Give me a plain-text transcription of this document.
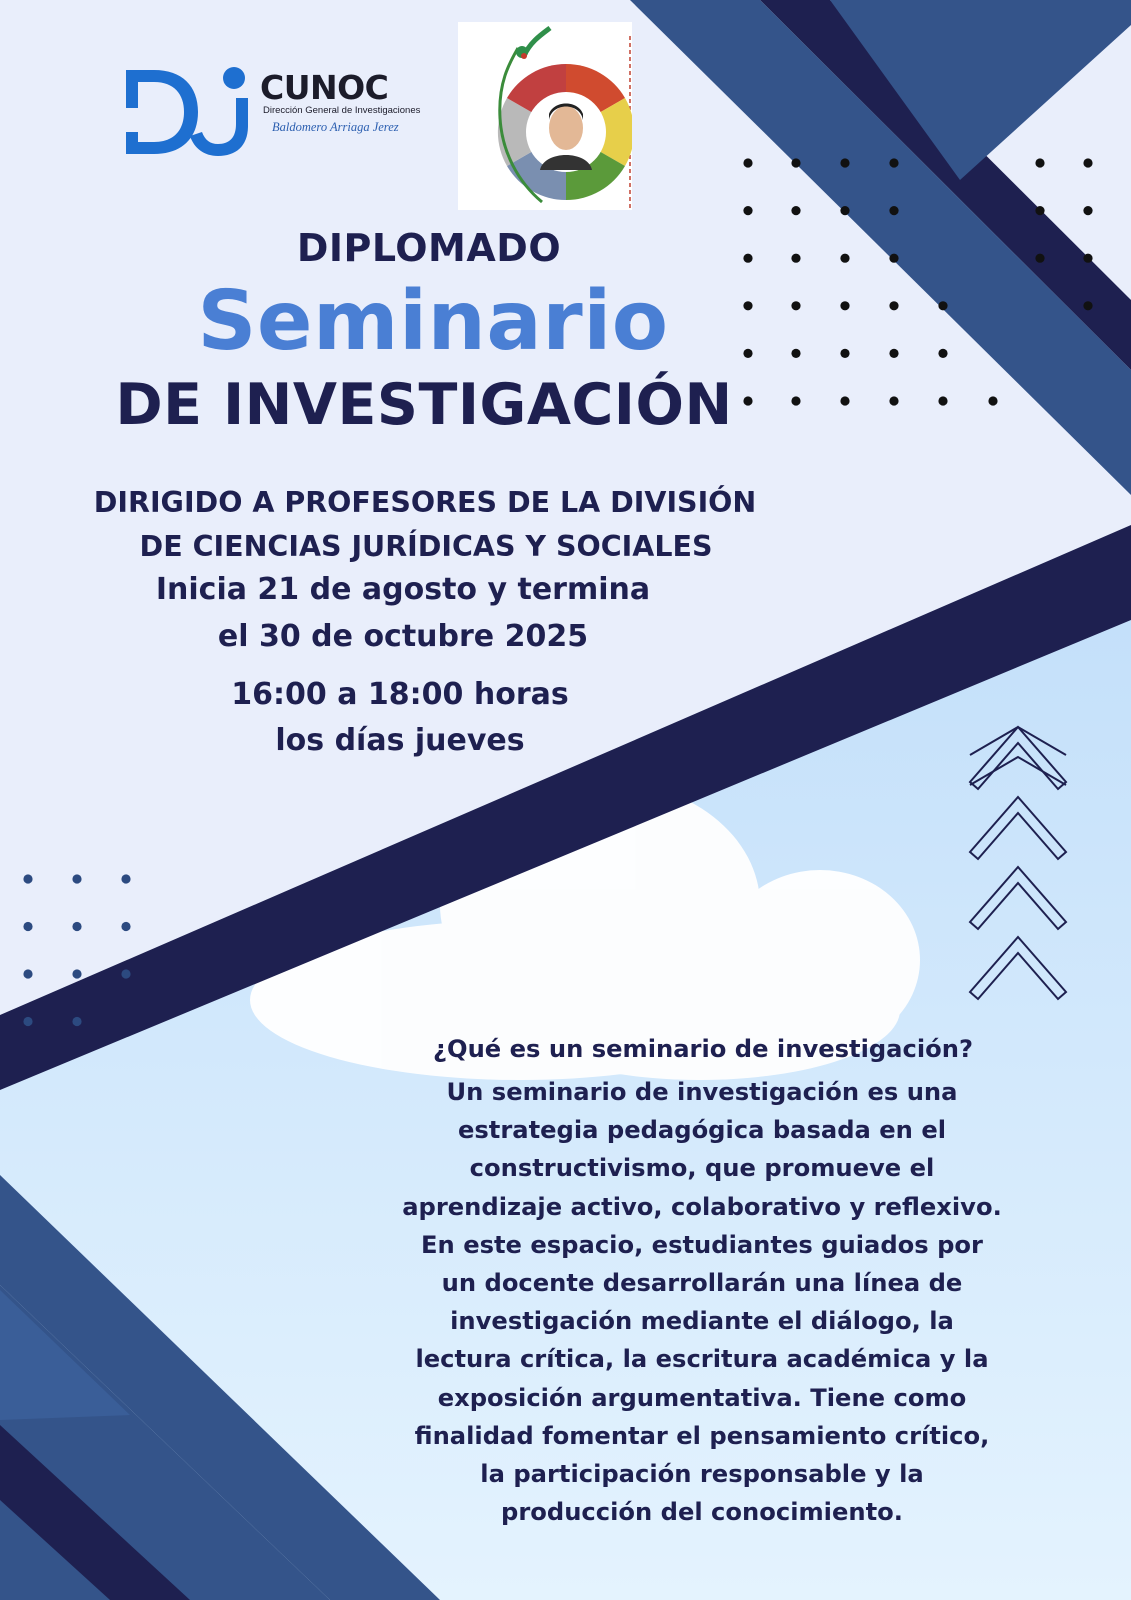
CUNOC
Dirección General de Investigaciones
Baldomero Arriaga Jerez
DIPLOMADO
Seminario
DE INVESTIGACIÓN
DIRIGIDO A PROFESORES DE LA DIVISIÓN
DE CIENCIAS JURÍDICAS Y SOCIALES
Inicia 21 de agosto y termina
el 30 de octubre 2025
16:00 a 18:00 horas
los días jueves
¿Qué es un seminario de investigación?
Un seminario de investigación es una
estrategia pedagógica basada en el
constructivismo, que promueve el
aprendizaje activo, colaborativo y reflexivo.
En este espacio, estudiantes guiados por
un docente desarrollarán una línea de
investigación mediante el diálogo, la
lectura crítica, la escritura académica y la
exposición argumentativa. Tiene como
finalidad fomentar el pensamiento crítico,
la participación responsable y la
producción del conocimiento.
